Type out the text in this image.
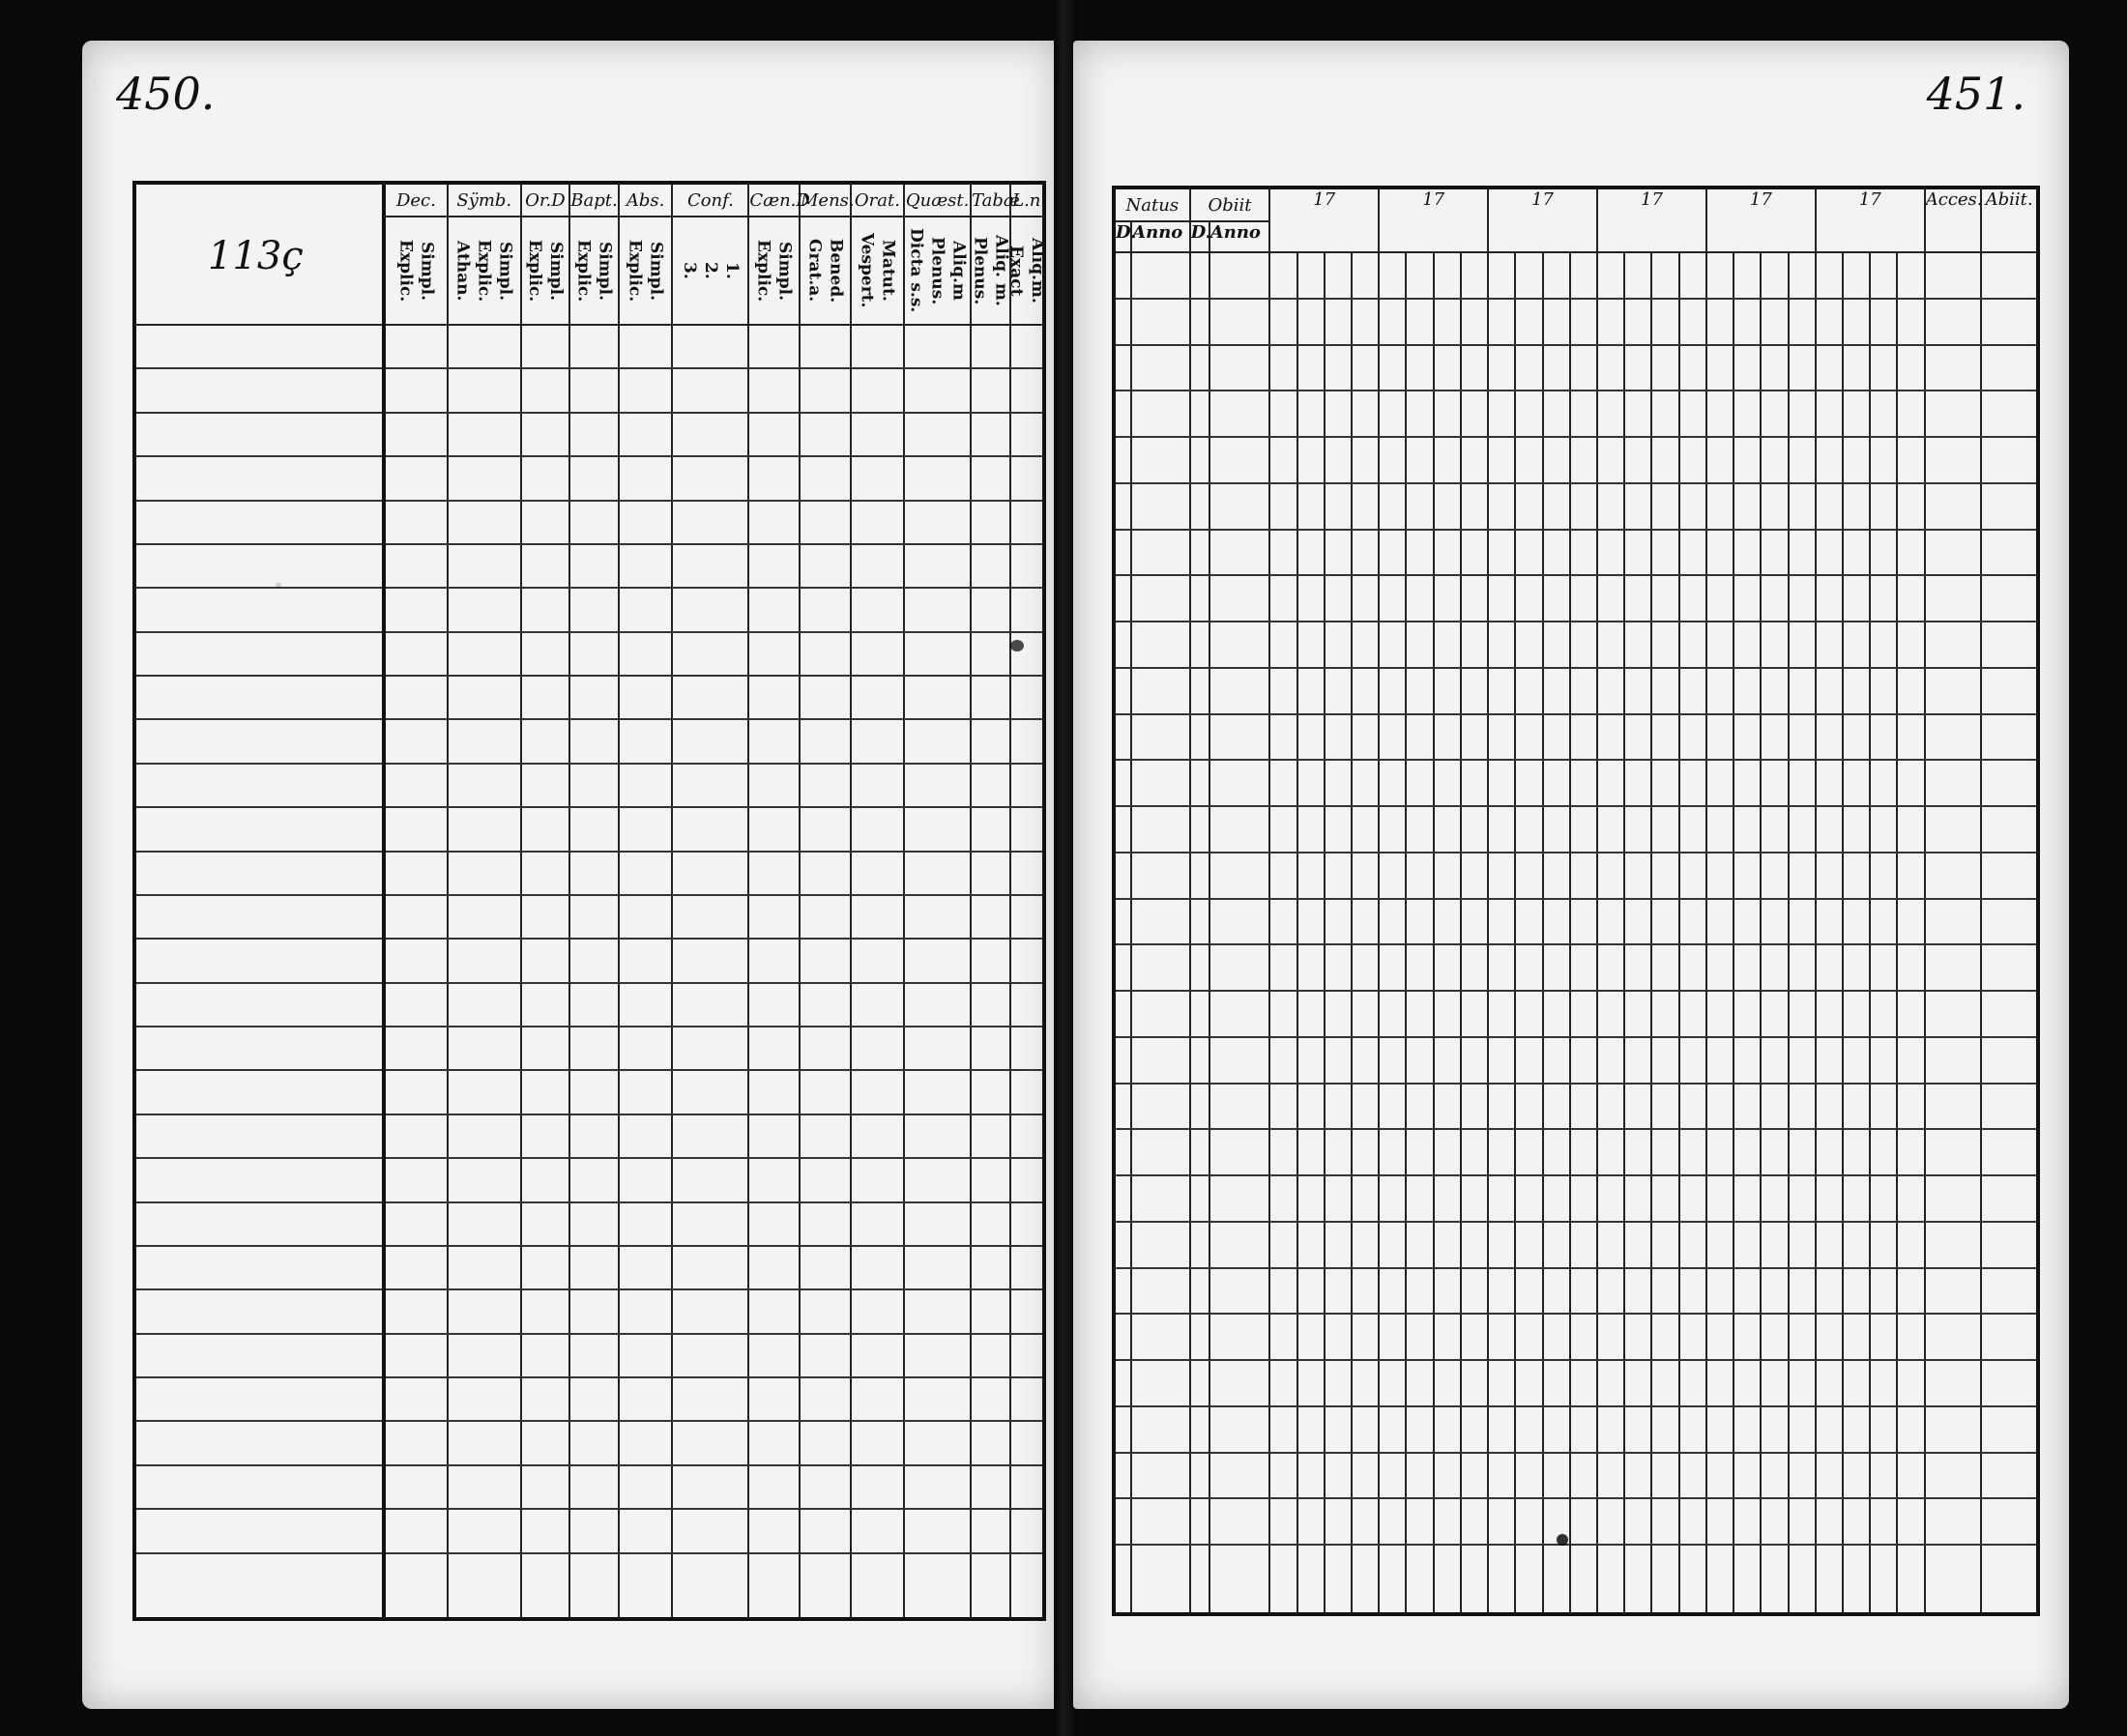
450.
113ç
	Dec.	Sÿmb.	Or.D	Bapt.	Abs.	Conf.	Cæn.D	Mens.	Orat.	Quæst.	Tabæ	L.n

	Explic. Simpl.	Athan. Explic. Simpl.	Explic. Simpl.	Explic. Simpl.	Explic. Simpl.	3. 2. 1.	Explic. Simpl.	Grat.a. Bened.	Vespert. Matut.	Dicta s.s. Plenus. Aliq.m	Plenus. Aliq. m.	Exact Aliq.m.

451.
Natus		Obiit		17				17				17				17				17				17				Acces.	Abiit.
D.	Anno	D.	Anno																										
